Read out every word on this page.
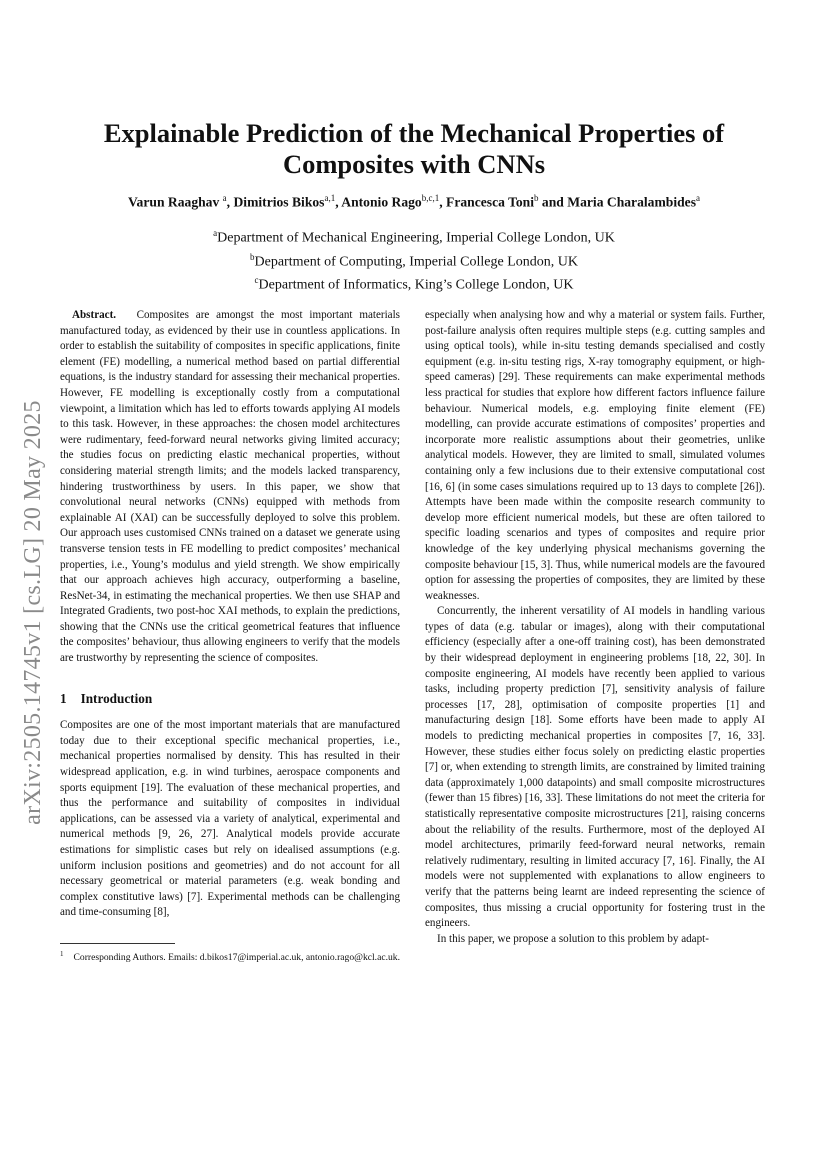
arXiv:2505.14745v1 [cs.LG] 20 May 2025
Explainable Prediction of the Mechanical Properties of
Composites with CNNs

Varun Raaghav $^a$, Dimitrios Bikos$^{a,1}$, Antonio Rago$^{b,c,1}$, Francesca Toni$^b$ and Maria Charalambides$^a$

$^a$Department of Mechanical Engineering, Imperial College London, UK
$^b$Department of Computing, Imperial College London, UK
$^c$Department of Informatics, King’s College London, UK

Abstract. Composites are amongst the most important materials manufactured today, as evidenced by their use in countless applications. In order to establish the suitability of composites in specific applications, finite element (FE) modelling, a numerical method based on partial differential equations, is the industry standard for assessing their mechanical properties. However, FE modelling is exceptionally costly from a computational viewpoint, a limitation which has led to efforts towards applying AI models to this task. However, in these approaches: the chosen model architectures were rudimentary, feed-forward neural networks giving limited accuracy; the studies focus on predicting elastic mechanical properties, without considering material strength limits; and the models lacked transparency, hindering trustworthiness by users. In this paper, we show that convolutional neural networks (CNNs) equipped with methods from explainable AI (XAI) can be successfully deployed to solve this problem. Our approach uses customised CNNs trained on a dataset we generate using transverse tension tests in FE modelling to predict composites’ mechanical properties, i.e., Young’s modulus and yield strength. We show empirically that our approach achieves high accuracy, outperforming a baseline, ResNet-34, in estimating the mechanical properties. We then use SHAP and Integrated Gradients, two post-hoc XAI methods, to explain the predictions, showing that the CNNs use the critical geometrical features that influence the composites’ behaviour, thus allowing engineers to verify that the models are trustworthy by representing the science of composites.

1 Introduction

Composites are one of the most important materials that are manufactured today due to their exceptional specific mechanical properties, i.e., mechanical properties normalised by density. This has resulted in their widespread application, e.g. in wind turbines, aerospace components and sports equipment [19]. The evaluation of these mechanical properties, and thus the performance and suitability of composites in individual applications, can be assessed via a variety of analytical, experimental and numerical methods [9, 26, 27]. Analytical models provide accurate estimations for simplistic cases but rely on idealised assumptions (e.g. uniform inclusion positions and geometries) and do not account for all necessary geometrical or material parameters (e.g. weak bonding and complex constitutive laws) [7]. Experimental methods can be challenging and time-consuming [8],

$^1$ Corresponding Authors. Emails: d.bikos17@imperial.ac.uk, antonio.rago@kcl.ac.uk.

especially when analysing how and why a material or system fails. Further, post-failure analysis often requires multiple steps (e.g. cutting samples and using optical tools), while in-situ testing demands specialised and costly equipment (e.g. in-situ testing rigs, X-ray tomography equipment, or high-speed cameras) [29]. These requirements can make experimental methods less practical for studies that explore how different factors influence failure behaviour. Numerical models, e.g. employing finite element (FE) modelling, can provide accurate estimations of composites’ properties and incorporate more realistic assumptions about their geometries, unlike analytical models. However, they are limited to small, simulated volumes containing only a few inclusions due to their extensive computational cost [16, 6] (in some cases simulations required up to 13 days to complete [26]). Attempts have been made within the composite research community to develop more efficient numerical models, but these are often tailored to specific loading scenarios and types of composites and require prior knowledge of the key underlying physical mechanisms governing the composite behaviour [15, 3]. Thus, while numerical models are the favoured option for assessing the properties of composites, they are limited by these weaknesses.

Concurrently, the inherent versatility of AI models in handling various types of data (e.g. tabular or images), along with their computational efficiency (especially after a one-off training cost), has been demonstrated by their widespread deployment in engineering problems [18, 22, 30]. In composite engineering, AI models have recently been applied to various tasks, including property prediction [7], sensitivity analysis of failure processes [17, 28], optimisation of composite properties [1] and manufacturing design [18]. Some efforts have been made to apply AI models to predicting mechanical properties in composites [7, 16, 33]. However, these studies either focus solely on predicting elastic properties [7] or, when extending to strength limits, are constrained by limited training data (approximately 1,000 datapoints) and small composite microstructures (fewer than 15 fibres) [16, 33]. These limitations do not meet the criteria for statistically representative composite microstructures [21], raising concerns about the reliability of the results. Furthermore, most of the deployed AI model architectures, primarily feed-forward neural networks, remain relatively rudimentary, resulting in limited accuracy [7, 16]. Finally, the AI models were not supplemented with explanations to allow engineers to verify that the patterns being learnt are indeed representing the science of composites, thus missing a crucial opportunity for fostering trust in the engineers.

In this paper, we propose a solution to this problem by adapt-
